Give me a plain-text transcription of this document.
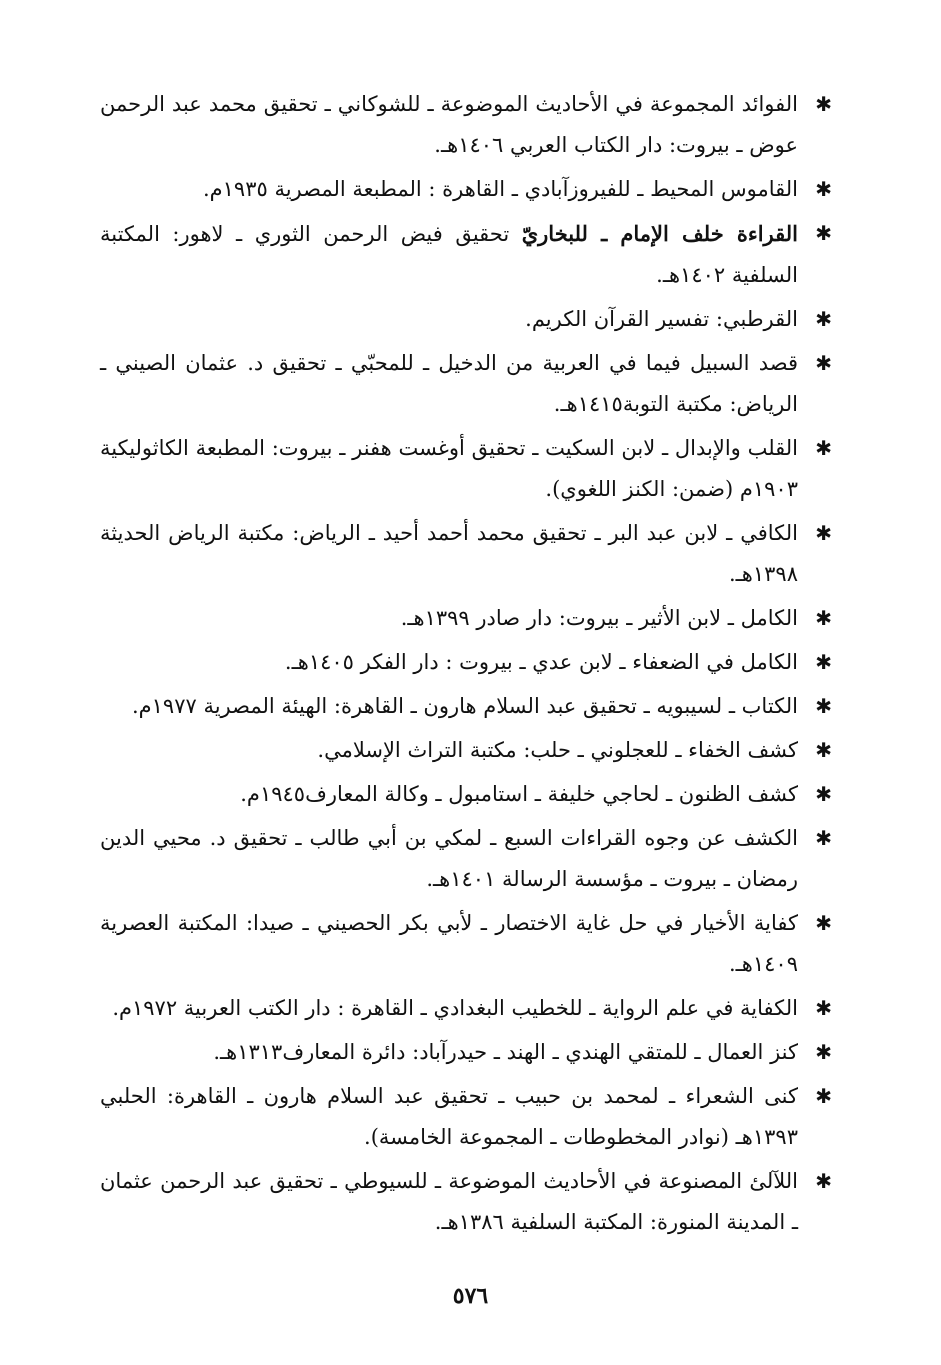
✱
الفوائد المجموعة في الأحاديث الموضوعة ـ للشوكاني ـ تحقيق محمد عبد الرحمن عوض ـ بيروت: دار الكتاب العربي ١٤٠٦هـ.
✱
القاموس المحيط ـ للفيروزآبادي ـ القاهرة : المطبعة المصرية ١٩٣٥م.
✱
القراءة خلف الإمام ـ للبخاريّ تحقيق فيض الرحمن الثوري ـ لاهور: المكتبة السلفية ١٤٠٢هـ.
✱
القرطبي: تفسير القرآن الكريم.
✱
قصد السبيل فيما في العربية من الدخيل ـ للمحبّي ـ تحقيق د. عثمان الصيني ـ الرياض: مكتبة التوبة١٤١٥هـ.
✱
القلب والإبدال ـ لابن السكيت ـ تحقيق أوغست هفنر ـ بيروت: المطبعة الكاثوليكية ١٩٠٣م (ضمن: الكنز اللغوي).
✱
الكافي ـ لابن عبد البر ـ تحقيق محمد أحمد أحيد ـ الرياض: مكتبة الرياض الحديثة ١٣٩٨هـ.
✱
الكامل ـ لابن الأثير ـ بيروت: دار صادر ١٣٩٩هـ.
✱
الكامل في الضعفاء ـ لابن عدي ـ بيروت : دار الفكر ١٤٠٥هـ.
✱
الكتاب ـ لسيبويه ـ تحقيق عبد السلام هارون ـ القاهرة: الهيئة المصرية ١٩٧٧م.
✱
كشف الخفاء ـ للعجلوني ـ حلب: مكتبة التراث الإسلامي.
✱
كشف الظنون ـ لحاجي خليفة ـ استامبول ـ وكالة المعارف١٩٤٥م.
✱
الكشف عن وجوه القراءات السبع ـ لمكي بن أبي طالب ـ تحقيق د. محيي الدين رمضان ـ بيروت ـ مؤسسة الرسالة ١٤٠١هـ.
✱
كفاية الأخيار في حل غاية الاختصار ـ لأبي بكر الحصيني ـ صيدا: المكتبة العصرية ١٤٠٩هـ.
✱
الكفاية في علم الرواية ـ للخطيب البغدادي ـ القاهرة : دار الكتب العربية ١٩٧٢م.
✱
كنز العمال ـ للمتقي الهندي ـ الهند ـ حيدرآباد: دائرة المعارف١٣١٣هـ.
✱
كنى الشعراء ـ لمحمد بن حبيب ـ تحقيق عبد السلام هارون ـ القاهرة: الحلبي ١٣٩٣هـ (نوادر المخطوطات ـ المجموعة الخامسة).
✱
اللآلئ المصنوعة في الأحاديث الموضوعة ـ للسيوطي ـ تحقيق عبد الرحمن عثمان ـ المدينة المنورة: المكتبة السلفية ١٣٨٦هـ.
٥٧٦
